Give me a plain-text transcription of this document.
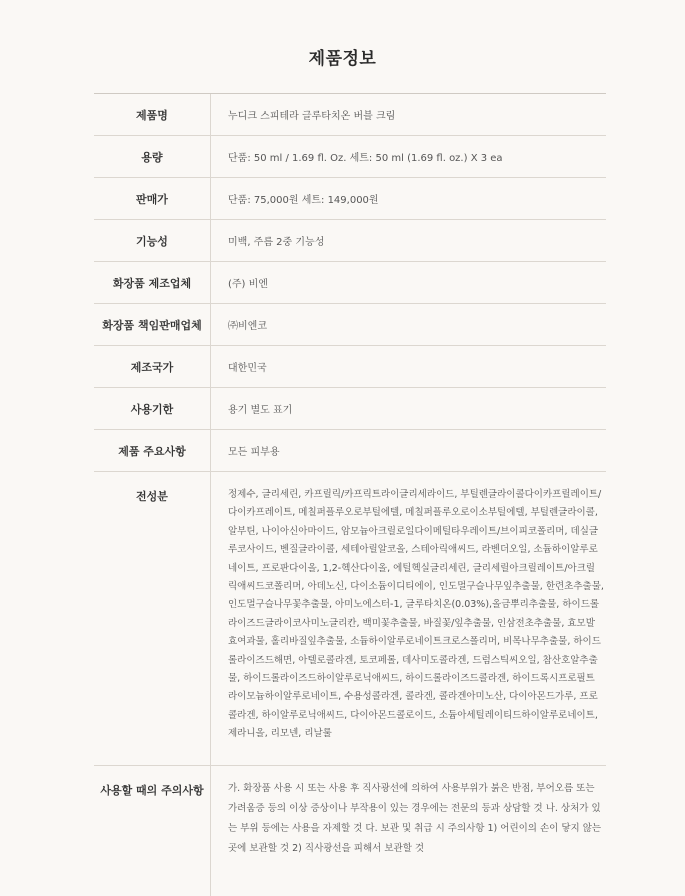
제품정보
제품명	누디크 스피테라 글루타치온 버블 크림
용량	단품: 50 ml / 1.69 fl. Oz. 세트: 50 ml (1.69 fl. oz.) X 3 ea
판매가	단품: 75,000원 세트: 149,000원
기능성	미백, 주름 2중 기능성
화장품 제조업체	(주) 비엔
화장품 책임판매업체	㈜비엔코
제조국가	대한민국
사용기한	용기 별도 표기
제품 주요사항	모든 피부용
전성분	정제수, 글리세린, 카프릴릭/카프릭트라이글리세라이드, 부틸렌글라이콜다이카프릴레이트/다이카프레이트, 메칠퍼플루오로부틸에텔, 메칠퍼플루오로이소부틸에텔, 부틸렌글라이콜, 알부틴, 나이아신아마이드, 암모늄아크릴로일다이메틸타우레이트/브이피코폴리머, 데실글루코사이드, 벤질글라이콜, 세테아릴알코올, 스테아릭애씨드, 라벤더오일, 소듐하이알루로네이트, 프로판다이올, 1,2-헥산다이올, 에틸헥실글리세린, 글리세릴아크릴레이트/아크릴릭애씨드코폴리머, 아데노신, 다이소듐이디티에이, 인도멀구슬나무잎추출물, 한련초추출물, 인도멀구슬나무꽃추출물, 아미노에스터-1, 글루타치온(0.03%),올금뿌리추출물, 하이드롤라이즈드글라이코사미노글리칸, 백미꽃추출물, 바질꽃/잎추출물, 인삼전초추출물, 효모발효여과물, 홀리바질잎추출물, 소듐하이알루로네이트크로스폴리머, 비목나무추출물, 하이드롤라이즈드해면, 아텔로콜라겐, 토코페롤, 데사미도콜라겐, 드럼스틱씨오일, 참산호알추출물, 하이드롤라이즈드하이알루로닉애씨드, 하이드롤라이즈드콜라겐, 하이드록시프로필트라이모늄하이알루로네이트, 수용성콜라겐, 콜라겐, 콜라겐아미노산, 다이아몬드가루, 프로콜라겐, 하이알루로닉애씨드, 다이아몬드콜로이드, 소듐아세틸레이티드하이알루로네이트, 제라니올, 리모넨, 리날룰
사용할 때의 주의사항	가. 화장품 사용 시 또는 사용 후 직사광선에 의하여 사용부위가 붉은 반점, 부어오름 또는 가려움증 등의 이상 증상이나 부작용이 있는 경우에는 전문의 등과 상담할 것 나. 상처가 있는 부위 등에는 사용을 자제할 것 다. 보관 및 취급 시 주의사항 1) 어린이의 손이 닿지 않는 곳에 보관할 것 2) 직사광선을 피해서 보관할 것
